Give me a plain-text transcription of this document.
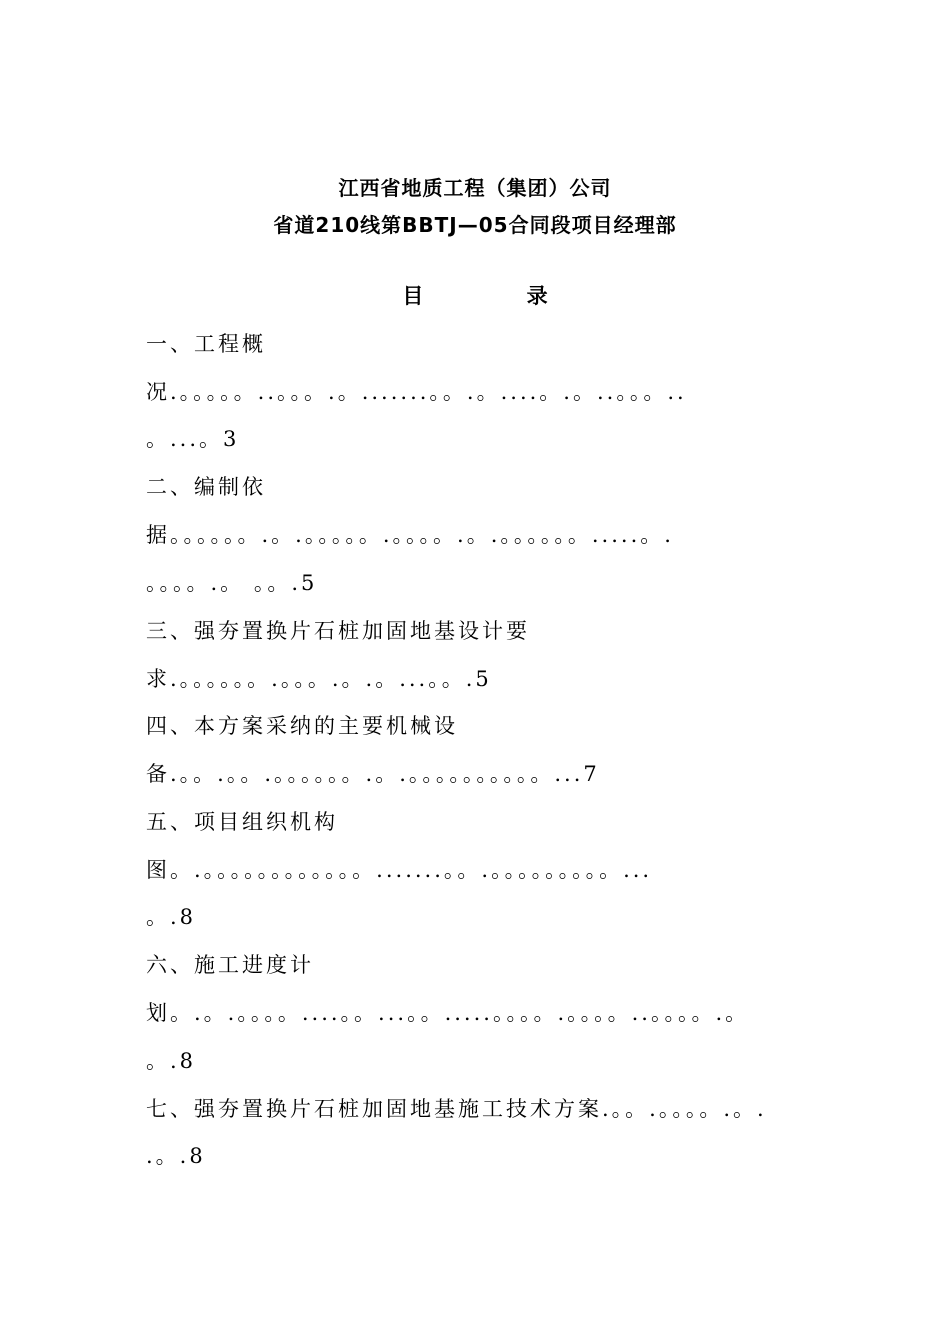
江西省地质工程（集团）公司
省道210线第BBTJ—05合同段项目经理部
目 录
一、工程概
况.。。。。。..。。。.。.......。。.。....。.。..。。。..
。...。3
二、编制依
据。。。。。。.。.。。。。。.。。。。.。.。。。。。。.....。.
。。。。.。 。。.5
三、强夯置换片石桩加固地基设计要
求.。。。。。。.。。。.。.。...。。.5
四、本方案采纳的主要机械设
备.。。.。。.。。。。。。.。.。。。。。。。。。。...7
五、项目组织机构
图。.。。。。。。。。。。。。.......。。.。。。。。。。。。...
。.8
六、施工进度计
划。.。.。。。。....。。...。。.....。。。。.。。。。..。。。。.。
。.8
七、强夯置换片石桩加固地基施工技术方案.。。.。。。。.。.
.。.8
